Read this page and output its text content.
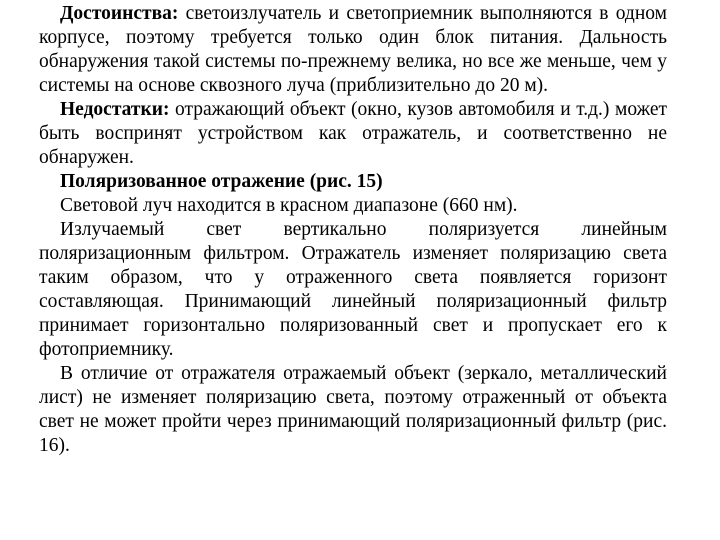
Достоинства: светоизлучатель и светоприемник выполняются в одном корпусе, поэтому требуется только один блок питания. Дальность обнаружения такой системы по-прежнему велика, но все же меньше, чем у системы на основе сквозного луча (приблизительно до 20 м).

Недостатки: отражающий объект (окно, кузов автомобиля и т.д.) может быть воспринят устройством как отражатель, и соответственно не обнаружен.

Поляризованное отражение (рис. 15)

Световой луч находится в красном диапазоне (660 нм).

Излучаемый свет вертикально поляризуется линейным поляризационным фильтром. Отражатель изменяет поляризацию света таким образом, что у отраженного света появляется горизонт составляющая. Принимающий линейный поляризационный фильтр принимает горизонтально поляризованный свет и пропускает его к фотоприемнику.

В отличие от отражателя отражаемый объект (зеркало, металлический лист) не изменяет поляризацию света, поэтому отраженный от объекта свет не может пройти через принимающий поляризационный фильтр (рис. 16).
